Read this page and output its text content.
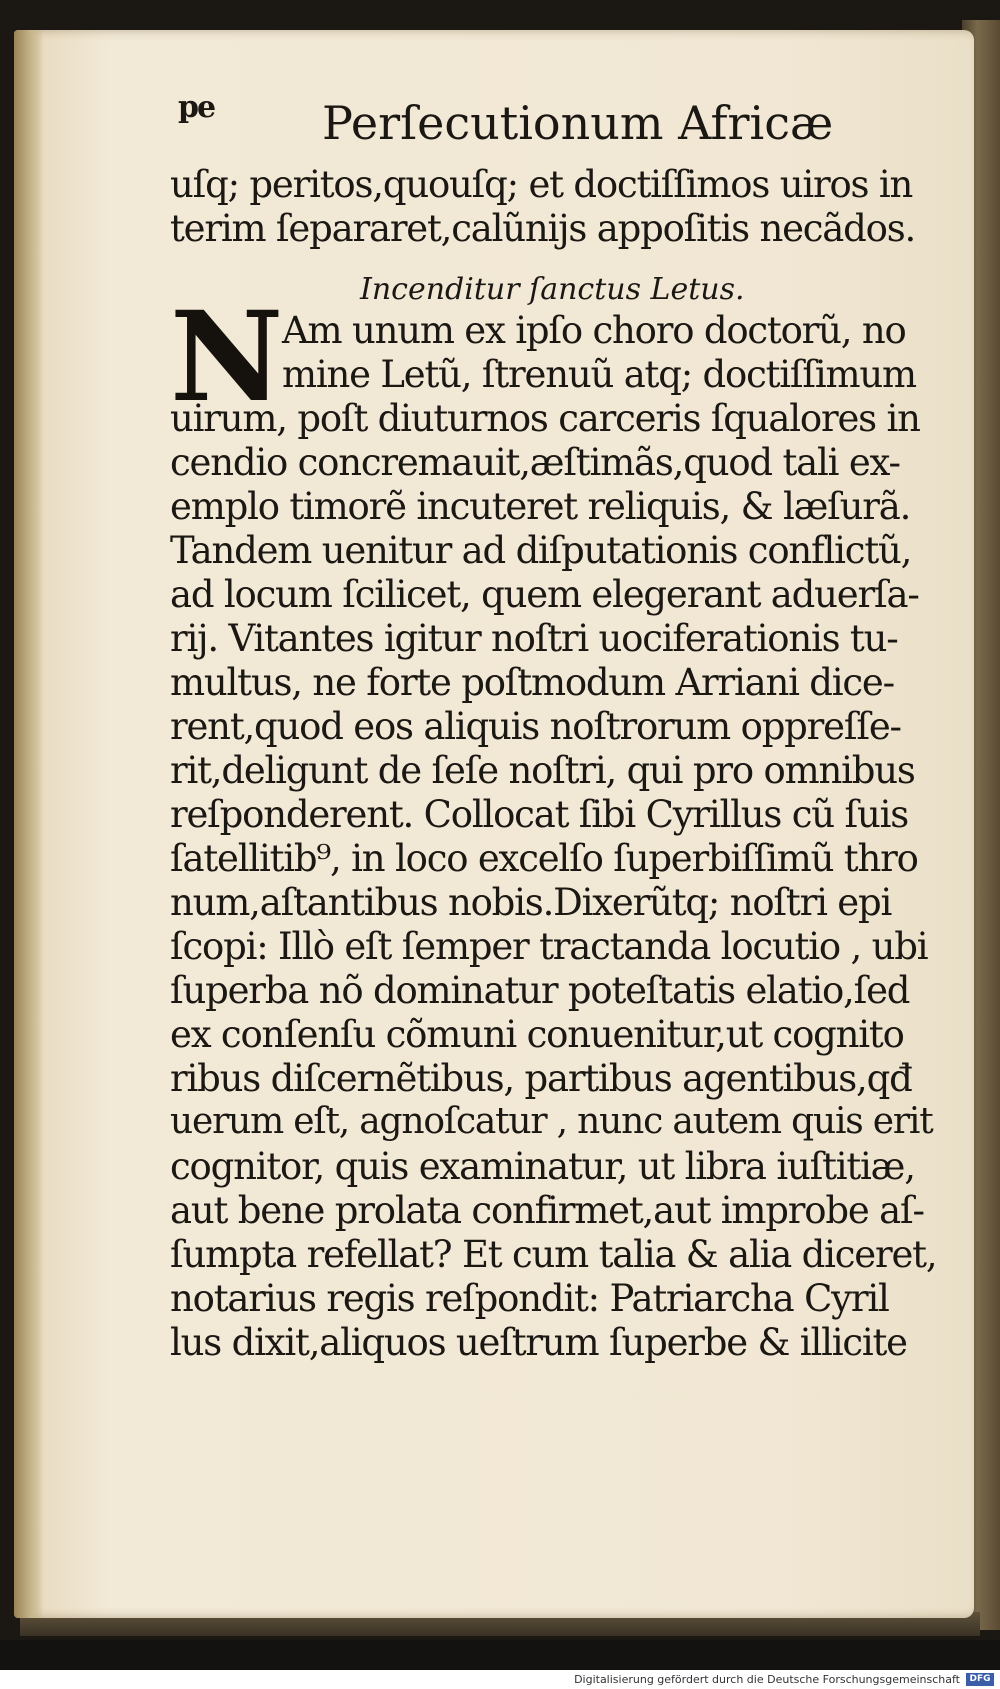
ре Perſecutionum Africæ
uſq; peritos,quouſq; et doctiſſimos uiros in
terim ſepararet,calũnijs appoſitis necãdos.
Incenditur ſanctus Letus.
N
Am unum ex ipſo choro doctorũ, no
mine Letũ, ſtrenuũ atq; doctiſſimum
uirum, poſt diuturnos carceris ſqualores in
cendio concremauit,æſtimãs,quod tali ex-
emplo timorẽ incuteret reliquis, & læſurã.
Tandem uenitur ad diſputationis conflictũ,
ad locum ſcilicet, quem elegerant aduerſa-
rij. Vitantes igitur noſtri uociferationis tu-
multus, ne forte poſtmodum Arriani dice-
rent,quod eos aliquis noſtrorum oppreſſe-
rit,deligunt de ſeſe noſtri, qui pro omnibus
reſponderent. Collocat ſibi Cyrillus cũ ſuis
ſatellitib⁹, in loco excelſo ſuperbiſſimũ thro
num,aſtantibus nobis.Dixerũtq; noſtri epi
ſcopi: Illò eſt ſemper tractanda locutio , ubi
ſuperba nõ dominatur poteſtatis elatio,ſed
ex conſenſu cõmuni conuenitur,ut cognito
ribus diſcernẽtibus, partibus agentibus,qđ
uerum eſt, agnoſcatur , nunc autem quis erit
cognitor, quis examinatur, ut libra iuſtitiæ,
aut bene prolata confirmet,aut improbe aſ-
ſumpta refellat? Et cum talia & alia diceret,
notarius regis reſpondit: Patriarcha Cyril
lus dixit,aliquos ueſtrum ſuperbe & illicite
Digitalisierung gefördert durch die Deutsche Forschungsgemeinschaft	DFG
